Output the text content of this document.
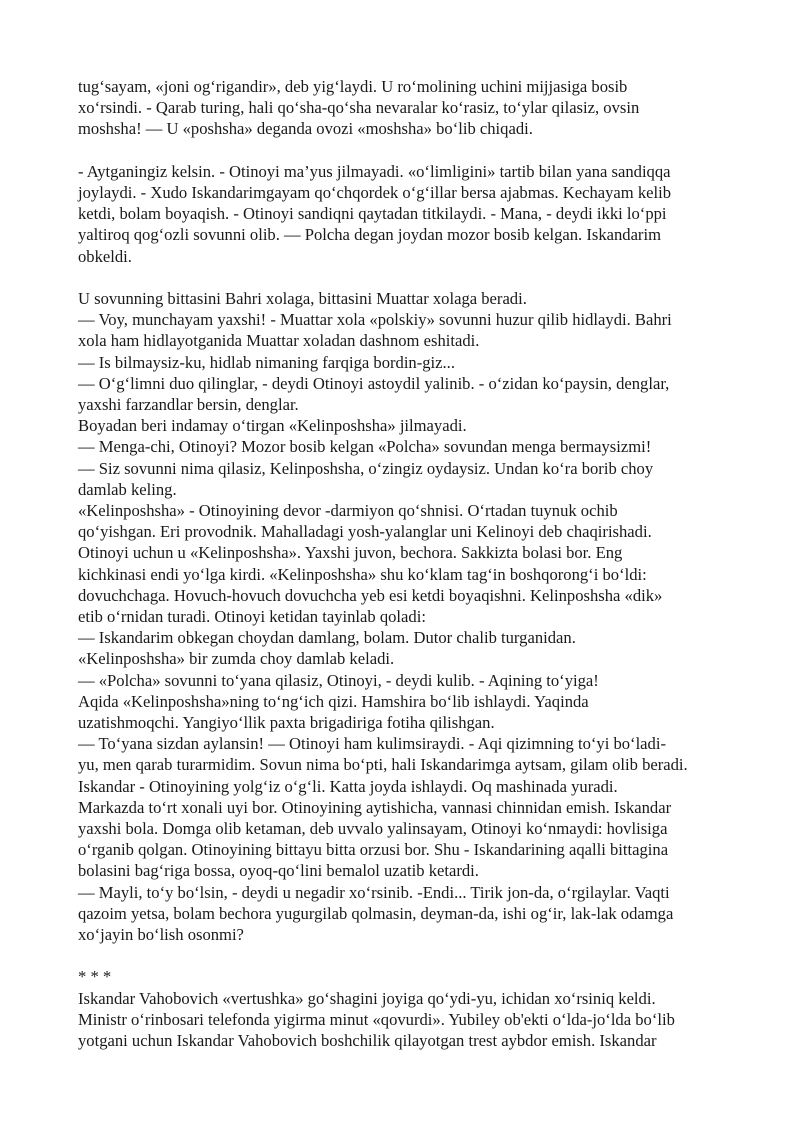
tug‘sayam, «joni og‘rigandir», deb yig‘laydi. U ro‘molining uchini mijjasiga bosib
xo‘rsindi. - Qarab turing, hali qo‘sha-qo‘sha nevaralar ko‘rasiz, to‘ylar qilasiz, ovsin
moshsha! — U «poshsha» deganda ovozi «moshsha» bo‘lib chiqadi.
- Aytganingiz kelsin. - Otinoyi ma’yus jilmayadi. «o‘limligini» tartib bilan yana sandiqqa
joylaydi. - Xudo Iskandarimgayam qo‘chqordek o‘g‘illar bersa ajabmas. Kechayam kelib
ketdi, bolam boyaqish. - Otinoyi sandiqni qaytadan titkilaydi. - Mana, - deydi ikki lo‘ppi
yaltiroq qog‘ozli sovunni olib. — Polcha degan joydan mozor bosib kelgan. Iskandarim
obkeldi.
U sovunning bittasini Bahri xolaga, bittasini Muattar xolaga beradi.
— Voy, munchayam yaxshi! - Muattar xola «polskiy» sovunni huzur qilib hidlaydi. Bahri
xola ham hidlayotganida Muattar xoladan dashnom eshitadi.
— Is bilmaysiz-ku, hidlab nimaning farqiga bordin-giz...
— O‘g‘limni duo qilinglar, - deydi Otinoyi astoydil yalinib. - o‘zidan ko‘paysin, denglar,
yaxshi farzandlar bersin, denglar.
Boyadan beri indamay o‘tirgan «Kelinposhsha» jilmayadi.
— Menga-chi, Otinoyi? Mozor bosib kelgan «Polcha» sovundan menga bermaysizmi!
— Siz sovunni nima qilasiz, Kelinposhsha, o‘zingiz oydaysiz. Undan ko‘ra borib choy
damlab keling.
«Kelinposhsha» - Otinoyining devor -darmiyon qo‘shnisi. O‘rtadan tuynuk ochib
qo‘yishgan. Eri provodnik. Mahalladagi yosh-yalanglar uni Kelinoyi deb chaqirishadi.
Otinoyi uchun u «Kelinposhsha». Yaxshi juvon, bechora. Sakkizta bolasi bor. Eng
kichkinasi endi yo‘lga kirdi. «Kelinposhsha» shu ko‘klam tag‘in boshqorong‘i bo‘ldi:
dovuchchaga. Hovuch-hovuch dovuchcha yeb esi ketdi boyaqishni. Kelinposhsha «dik»
etib o‘rnidan turadi. Otinoyi ketidan tayinlab qoladi:
— Iskandarim obkegan choydan damlang, bolam. Dutor chalib turganidan.
«Kelinposhsha» bir zumda choy damlab keladi.
— «Polcha» sovunni to‘yana qilasiz, Otinoyi, - deydi kulib. - Aqining to‘yiga!
Aqida «Kelinposhsha»ning to‘ng‘ich qizi. Hamshira bo‘lib ishlaydi. Yaqinda
uzatishmoqchi. Yangiyo‘llik paxta brigadiriga fotiha qilishgan.
— To‘yana sizdan aylansin! — Otinoyi ham kulimsiraydi. - Aqi qizimning to‘yi bo‘ladi-
yu, men qarab turarmidim. Sovun nima bo‘pti, hali Iskandarimga aytsam, gilam olib beradi.
Iskandar - Otinoyining yolg‘iz o‘g‘li. Katta joyda ishlaydi. Oq mashinada yuradi.
Markazda to‘rt xonali uyi bor. Otinoyining aytishicha, vannasi chinnidan emish. Iskandar
yaxshi bola. Domga olib ketaman, deb uvvalo yalinsayam, Otinoyi ko‘nmaydi: hovlisiga
o‘rganib qolgan. Otinoyining bittayu bitta orzusi bor. Shu - Iskandarining aqalli bittagina
bolasini bag‘riga bossa, oyoq-qo‘lini bemalol uzatib ketardi.
— Mayli, to‘y bo‘lsin, - deydi u negadir xo‘rsinib. -Endi... Tirik jon-da, o‘rgilaylar. Vaqti
qazoim yetsa, bolam bechora yugurgilab qolmasin, deyman-da, ishi og‘ir, lak-lak odamga
xo‘jayin bo‘lish osonmi?
* * *
Iskandar Vahobovich «vertushka» go‘shagini joyiga qo‘ydi-yu, ichidan xo‘rsiniq keldi.
Ministr o‘rinbosari telefonda yigirma minut «qovurdi». Yubiley ob'ekti o‘lda-jo‘lda bo‘lib
yotgani uchun Iskandar Vahobovich boshchilik qilayotgan trest aybdor emish. Iskandar
